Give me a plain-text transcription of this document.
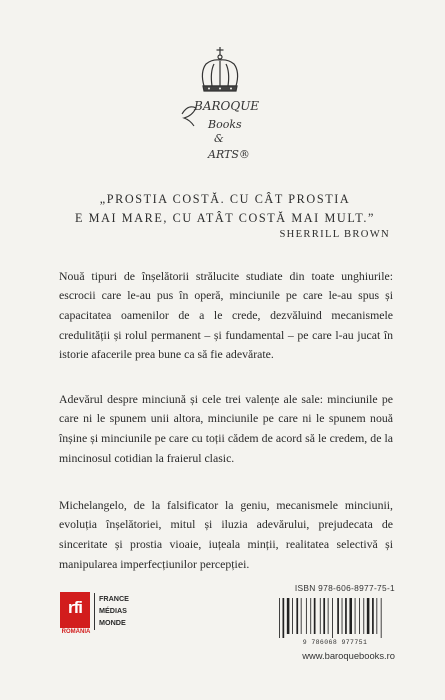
BAROQUE
Books
&
ARTS®
„PROSTIA COSTĂ. CU CÂT PROSTIA
E MAI MARE, CU ATÂT COSTĂ MAI MULT.”
SHERRILL BROWN

Nouă tipuri de înșelătorii strălucite studiate din toate unghiurile: escrocii care le-au pus în operă, minciunile pe care le-au spus și capacitatea oamenilor de a le crede, dezvăluind mecanismele credulității și rolul permanent – și fundamental – pe care l-au jucat în istorie afacerile prea bune ca să fie adevărate.

Adevărul despre minciună și cele trei valențe ale sale: minciunile pe care ni le spunem unii altora, minciunile pe care ni le spunem nouă înșine și minciunile pe care cu toții cădem de acord să le credem, de la mincinosul cotidian la fraierul clasic.

Michelangelo, de la falsificator la geniu, mecanismele minciunii, evoluția înșelătoriei, mitul și iluzia adevărului, prejudecata de sinceritate și prostia vioaie, iuțeala minții, realitatea selectivă și manipularea imperfecțiunilor percepției.

rfi
ROMÂNIA
FRANCE
MÉDIAS
MONDE
ISBN 978-606-8977-75-1
9 786068 977751
www.baroquebooks.ro
